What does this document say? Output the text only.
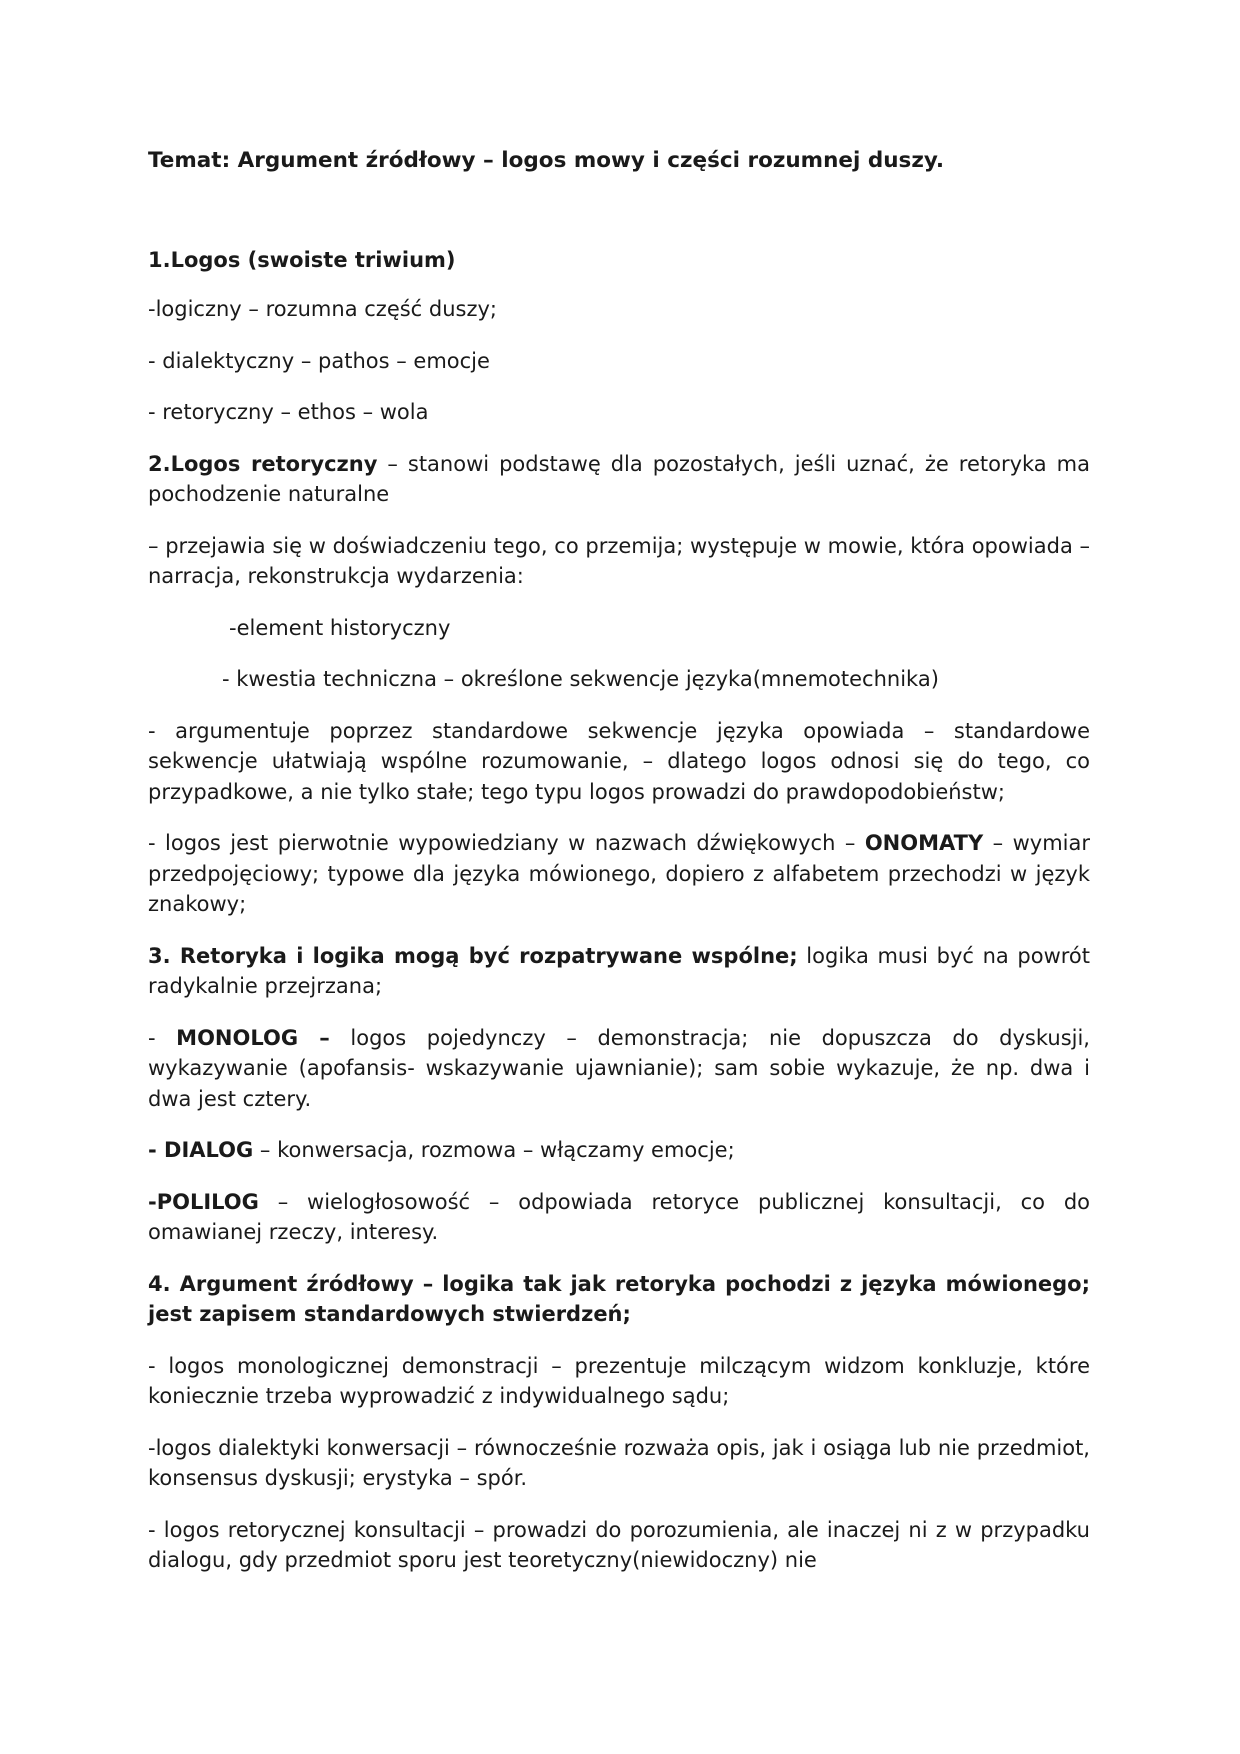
Temat: Argument źródłowy – logos mowy i części rozumnej duszy.
1.Logos (swoiste triwium)

-logiczny – rozumna część duszy;

- dialektyczny – pathos – emocje

- retoryczny – ethos – wola

2.Logos retoryczny – stanowi podstawę dla pozostałych, jeśli uznać, że retoryka ma pochodzenie naturalne

– przejawia się w doświadczeniu tego, co przemija; występuje w mowie, która opowiada – narracja, rekonstrukcja wydarzenia:

-element historyczny

- kwestia techniczna – określone sekwencje języka(mnemotechnika)

- argumentuje poprzez standardowe sekwencje języka opowiada – standardowe sekwencje ułatwiają wspólne rozumowanie, – dlatego logos odnosi się do tego, co przypadkowe, a nie tylko stałe; tego typu logos prowadzi do prawdopodobieństw;

- logos jest pierwotnie wypowiedziany w nazwach dźwiękowych – ONOMATY – wymiar przedpojęciowy; typowe dla języka mówionego, dopiero z alfabetem przechodzi w język znakowy;

3. Retoryka i logika mogą być rozpatrywane wspólne; logika musi być na powrót radykalnie przejrzana;

- MONOLOG – logos pojedynczy – demonstracja; nie dopuszcza do dyskusji, wykazywanie (apofansis- wskazywanie ujawnianie); sam sobie wykazuje, że np. dwa i dwa jest cztery.

- DIALOG – konwersacja, rozmowa – włączamy emocje;

-POLILOG – wielogłosowość – odpowiada retoryce publicznej konsultacji, co do omawianej rzeczy, interesy.

4. Argument źródłowy – logika tak jak retoryka pochodzi z języka mówionego; jest zapisem standardowych stwierdzeń;

- logos monologicznej demonstracji – prezentuje milczącym widzom konkluzje, które koniecznie trzeba wyprowadzić z indywidualnego sądu;

-logos dialektyki konwersacji – równocześnie rozważa opis, jak i osiąga lub nie przedmiot, konsensus dyskusji; erystyka – spór.

- logos retorycznej konsultacji – prowadzi do porozumienia, ale inaczej ni z w przypadku dialogu, gdy przedmiot sporu jest teoretyczny(niewidoczny) nie
